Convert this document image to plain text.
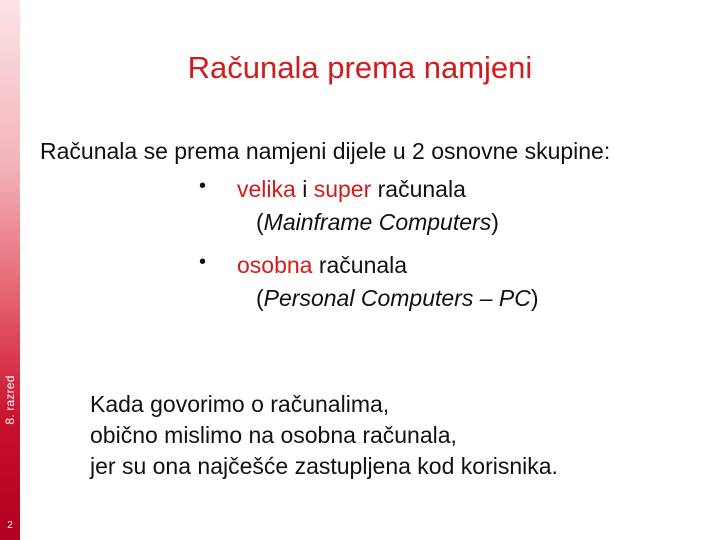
8. razred
2
Računala prema namjeni
Računala se prema namjeni dijele u 2 osnovne skupine:
• velika i super računala
(Mainframe Computers)
• osobna računala
(Personal Computers – PC)
Kada govorimo o računalima,
obično mislimo na osobna računala,
jer su ona najčešće zastupljena kod korisnika.
